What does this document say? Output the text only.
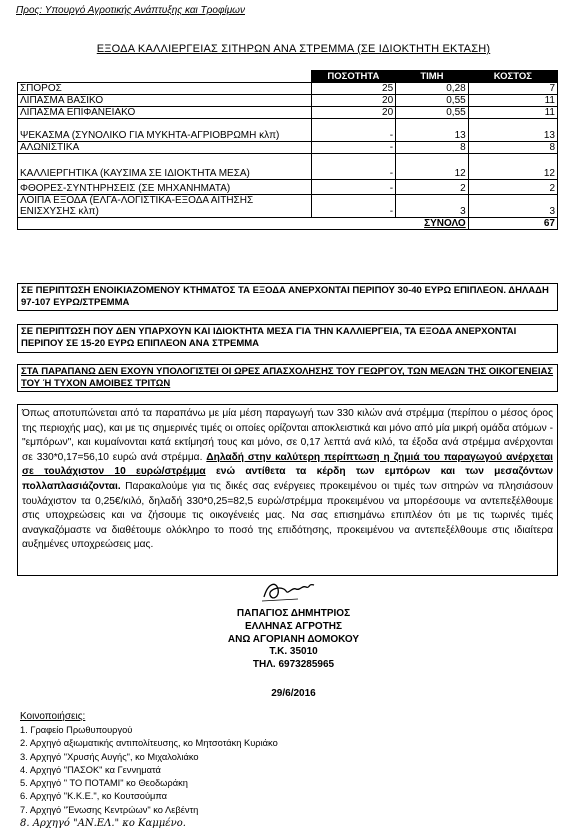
Προς: Υπουργό Αγροτικής Ανάπτυξης και Τροφίμων
ΕΞΟΔΑ ΚΑΛΛΙΕΡΓΕΙΑΣ ΣΙΤΗΡΩΝ ΑΝΑ ΣΤΡΕΜΜΑ (ΣΕ ΙΔΙΟΚΤΗΤΗ ΕΚΤΑΣΗ)
	ΠΟΣΟΤΗΤΑ	ΤΙΜΗ	ΚΟΣΤΟΣ
ΣΠΟΡΟΣ	25	0,28	7
ΛΙΠΑΣΜΑ ΒΑΣΙΚΟ	20	0,55	11
ΛΙΠΑΣΜΑ ΕΠΙΦΑΝΕΙΑΚΟ	20	0,55	11
ΨΕΚΑΣΜΑ (ΣΥΝΟΛΙΚΟ ΓΙΑ ΜΥΚΗΤΑ-ΑΓΡΙΟΒΡΩΜΗ κλπ)	-	13	13
ΑΛΩΝΙΣΤΙΚΑ	-	8	8
ΚΑΛΛΙΕΡΓΗΤΙΚΑ (ΚΑΥΣΙΜΑ ΣΕ ΙΔΙΟΚΤΗΤΑ ΜΕΣΑ)	-	12	12
ΦΘΟΡΕΣ-ΣΥΝΤΗΡΗΣΕΙΣ (ΣΕ ΜΗΧΑΝΗΜΑΤΑ)	-	2	2
ΛΟΙΠΑ ΕΞΟΔΑ (ΕΛΓΑ-ΛΟΓΙΣΤΙΚΑ-ΕΞΟΔΑ ΑΙΤΗΣΗΣ ΕΝΙΣΧΥΣΗΣ κλπ)	-	3	3
		ΣΥΝΟΛΟ	67
ΣΕ ΠΕΡΙΠΤΩΣΗ ΕΝΟΙΚΙΑΖΟΜΕΝΟΥ ΚΤΗΜΑΤΟΣ ΤΑ ΕΞΟΔΑ ΑΝΕΡΧΟΝΤΑΙ ΠΕΡΙΠΟΥ 30-40 ΕΥΡΩ ΕΠΙΠΛΕΟΝ. ΔΗΛΑΔΗ 97-107 ΕΥΡΩ/ΣΤΡΕΜΜΑ
ΣΕ ΠΕΡΙΠΤΩΣΗ ΠΟΥ ΔΕΝ ΥΠΑΡΧΟΥΝ ΚΑΙ ΙΔΙΟΚΤΗΤΑ ΜΕΣΑ ΓΙΑ ΤΗΝ ΚΑΛΛΙΕΡΓΕΙΑ, ΤΑ ΕΞΟΔΑ ΑΝΕΡΧΟΝΤΑΙ ΠΕΡΙΠΟΥ ΣΕ 15-20 ΕΥΡΩ ΕΠΙΠΛΕΟΝ ΑΝΑ ΣΤΡΕΜΜΑ
ΣΤΑ ΠΑΡΑΠΑΝΩ ΔΕΝ ΕΧΟΥΝ ΥΠΟΛΟΓΙΣΤΕΙ ΟΙ ΩΡΕΣ ΑΠΑΣΧΟΛΗΣΗΣ ΤΟΥ ΓΕΩΡΓΟΥ, ΤΩΝ ΜΕΛΩΝ ΤΗΣ ΟΙΚΟΓΕΝΕΙΑΣ ΤΟΥ Ή ΤΥΧΟΝ ΑΜΟΙΒΕΣ ΤΡΙΤΩΝ
Όπως αποτυπώνεται από τα παραπάνω με μία μέση παραγωγή των 330 κιλών ανά στρέμμα (περίπου ο μέσος όρος της περιοχής μας), και με τις σημερινές τιμές οι οποίες ορίζονται αποκλειστικά και μόνο από μία μικρή ομάδα ατόμων - "εμπόρων", και κυμαίνονται κατά εκτίμησή τους και μόνο, σε 0,17 λεπτά ανά κιλό, τα έξοδα ανά στρέμμα ανέρχονται σε 330*0,17=56,10 ευρώ ανά στρέμμα. Δηλαδή στην καλύτερη περίπτωση η ζημιά του παραγωγού ανέρχεται σε τουλάχιστον 10 ευρώ/στρέμμα ενώ αντίθετα τα κέρδη των εμπόρων και των μεσαζόντων πολλαπλασιάζονται. Παρακαλούμε για τις δικές σας ενέργειες προκειμένου οι τιμές των σιτηρών να πλησιάσουν τουλάχιστον τα 0,25€/κιλό, δηλαδή 330*0,25=82,5 ευρώ/στρέμμα προκειμένου να μπορέσουμε να αντεπεξέλθουμε στις υποχρεώσεις και να ζήσουμε τις οικογένειές μας. Να σας επισημάνω επιπλέον ότι με τις τωρινές τιμές αναγκαζόμαστε να διαθέτουμε ολόκληρο το ποσό της επιδότησης, προκειμένου να αντεπεξέλθουμε στις ιδιαίτερα αυξημένες υποχρεώσεις μας.
ΠΑΠΑΓΙΟΣ ΔΗΜΗΤΡΙΟΣ
ΕΛΛΗΝΑΣ ΑΓΡΟΤΗΣ
ΑΝΩ ΑΓΟΡΙΑΝΗ ΔΟΜΟΚΟΥ
Τ.Κ. 35010
ΤΗΛ. 6973285965
29/6/2016
Κοινοποιήσεις:
1. Γραφείο Πρωθυπουργού
2. Αρχηγό αξιωματικής αντιπολίτευσης, κο Μητσοτάκη Κυριάκο
3. Αρχηγό "Χρυσής Αυγής", κο Μιχαλολιάκο
4. Αρχηγό "ΠΑΣΟΚ" κα Γεννηματά
5. Αρχηγό " ΤΟ ΠΟΤΑΜΙ" κο Θεοδωράκη
6. Αρχηγό "Κ.Κ.Ε.", κο Κουτσούμπα
7. Αρχηγό "Ένωσης Κεντρώων" κο Λεβέντη
8. Αρχηγό "ΑΝ.ΕΛ." κο Καμμένο.
